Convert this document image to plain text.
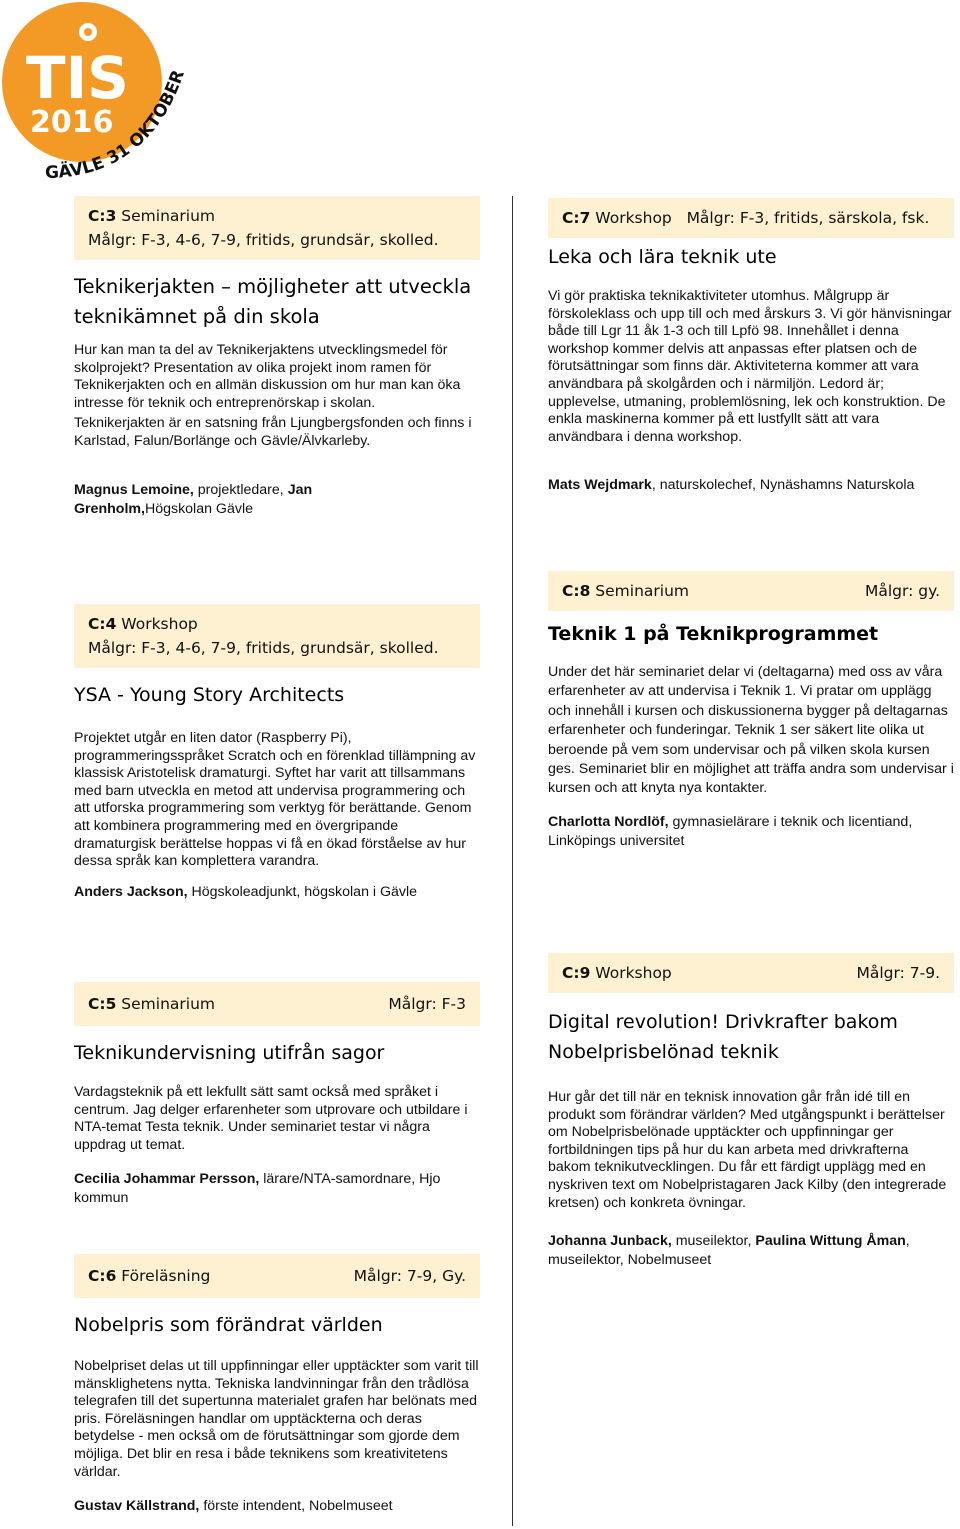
TIS
2016
GÄVLE 31 OKTOBER
C:3 Seminarium
Målgr: F-3, 4-6, 7-9, fritids, grundsär, skolled.
Teknikerjakten – möjligheter att utveckla
teknikämnet på din skola

Hur kan man ta del av Teknikerjaktens utvecklingsmedel för skolprojekt? Presentation av olika projekt inom ramen för Teknikerjakten och en allmän diskussion om hur man kan öka intresse för teknik och entreprenörskap i skolan.

Teknikerjakten är en satsning från Ljungbergsfonden och finns i Karlstad, Falun/Borlänge och Gävle/Älvkarleby.

Magnus Lemoine, projektledare, Jan Grenholm,Högskolan Gävle
C:4 Workshop
Målgr: F-3, 4-6, 7-9, fritids, grundsär, skolled.
YSA - Young Story Architects

Projektet utgår en liten dator (Raspberry Pi), programmeringsspråket Scratch och en förenklad tillämpning av klassisk Aristotelisk dramaturgi. Syftet har varit att tillsammans med barn utveckla en metod att undervisa programmering och att utforska programmering som verktyg för berättande. Genom att kombinera programmering med en övergripande dramaturgisk berättelse hoppas vi få en ökad förståelse av hur dessa språk kan komplettera varandra.

Anders Jackson, Högskoleadjunkt, högskolan i Gävle
C:5 Seminarium	Målgr: F-3
Teknikundervisning utifrån sagor

Vardagsteknik på ett lekfullt sätt samt också med språket i centrum. Jag delger erfarenheter som utprovare och utbildare i NTA-temat Testa teknik. Under seminariet testar vi några uppdrag ut temat.

Cecilia Johammar Persson, lärare/NTA-samordnare, Hjo kommun
C:6 Föreläsning	Målgr: 7-9, Gy.
Nobelpris som förändrat världen

Nobelpriset delas ut till uppfinningar eller upptäckter som varit till mänsklighetens nytta. Tekniska landvinningar från den trådlösa telegrafen till det supertunna materialet grafen har belönats med pris. Föreläsningen handlar om upptäckterna och deras betydelse - men också om de förutsättningar som gjorde dem möjliga. Det blir en resa i både teknikens som kreativitetens världar.

Gustav Källstrand, förste intendent, Nobelmuseet
C:7 Workshop Målgr: F-3, fritids, särskola, fsk.
Leka och lära teknik ute

Vi gör praktiska teknikaktiviteter utomhus. Målgrupp är förskoleklass och upp till och med årskurs 3. Vi gör hänvisningar både till Lgr 11 åk 1-3 och till Lpfö 98. Innehållet i denna workshop kommer delvis att anpassas efter platsen och de förutsättningar som finns där. Aktiviteterna kommer att vara användbara på skolgården och i närmiljön. Ledord är; upplevelse, utmaning, problemlösning, lek och konstruktion. De enkla maskinerna kommer på ett lustfyllt sätt att vara användbara i denna workshop.

Mats Wejdmark, naturskolechef, Nynäshamns Naturskola
C:8 Seminarium	Målgr: gy.
Teknik 1 på Teknikprogrammet

Under det här seminariet delar vi (deltagarna) med oss av våra erfarenheter av att undervisa i Teknik 1. Vi pratar om upplägg och innehåll i kursen och diskussionerna bygger på deltagarnas erfarenheter och funderingar. Teknik 1 ser säkert lite olika ut beroende på vem som undervisar och på vilken skola kursen ges. Seminariet blir en möjlighet att träffa andra som undervisar i kursen och att knyta nya kontakter.

Charlotta Nordlöf, gymnasielärare i teknik och licentiand, Linköpings universitet
C:9 Workshop	Målgr: 7-9.
Digital revolution! Drivkrafter bakom
Nobelprisbelönad teknik

Hur går det till när en teknisk innovation går från idé till en produkt som förändrar världen? Med utgångspunkt i berättelser om Nobelprisbelönade upptäckter och uppfinningar ger fortbildningen tips på hur du kan arbeta med drivkrafterna bakom teknikutvecklingen. Du får ett färdigt upplägg med en nyskriven text om Nobelpristagaren Jack Kilby (den integrerade kretsen) och konkreta övningar.

Johanna Junback, museilektor, Paulina Wittung Åman, museilektor, Nobelmuseet
